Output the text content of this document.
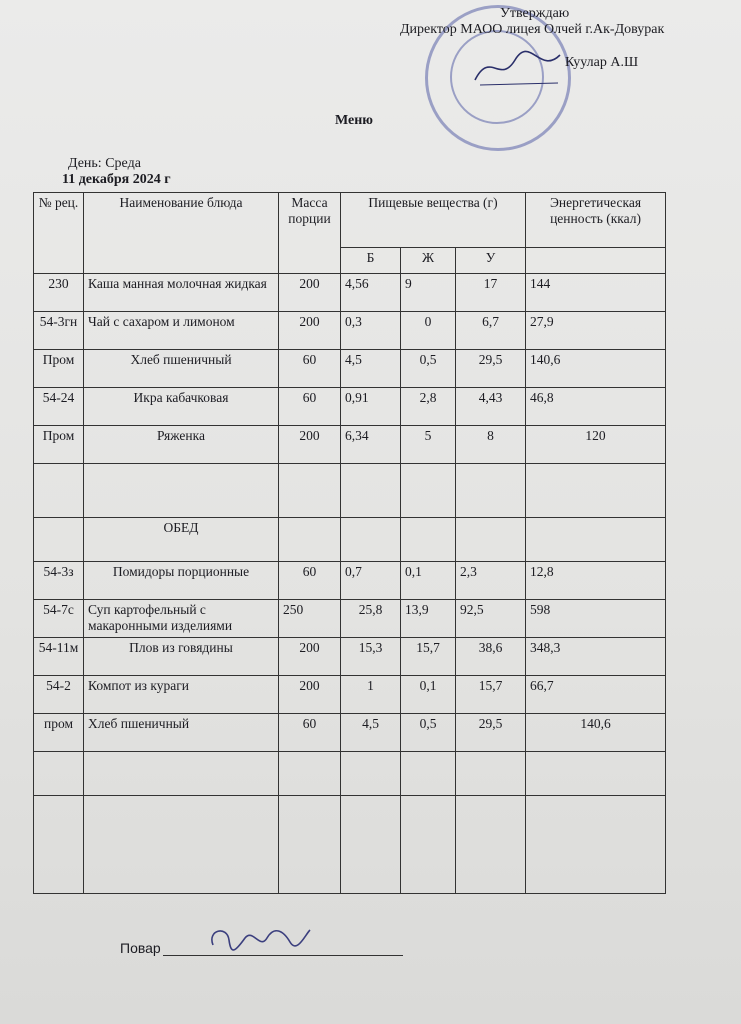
Утверждаю
Директор МАОО лицея Олчей г.Ак-Довурак
Куулар А.Ш
Меню
День: Среда
11 декабря 2024 г
№ рец.	Наименование блюда	Масса порции	Пищевые вещества (г)			Энергетическая ценность (ккал)
			Б	Ж	У	
230	Каша манная молочная жидкая	200	4,56	9	17	144
54-3гн	Чай с сахаром и лимоном	200	0,3	0	6,7	27,9
Пром	Хлеб пшеничный	60	4,5	0,5	29,5	140,6
54-24	Икра кабачковая	60	0,91	2,8	4,43	46,8
Пром	Ряженка	200	6,34	5	8	120

	ОБЕД					
54-3з	Помидоры порционные	60	0,7	0,1	2,3	12,8
54-7с	Суп картофельный с макаронными изделиями	250	25,8	13,9	92,5	598
54-11м	Плов из говядины	200	15,3	15,7	38,6	348,3
54-2	Компот из кураги	200	1	0,1	15,7	66,7
пром	Хлеб пшеничный	60	4,5	0,5	29,5	140,6

Повар
